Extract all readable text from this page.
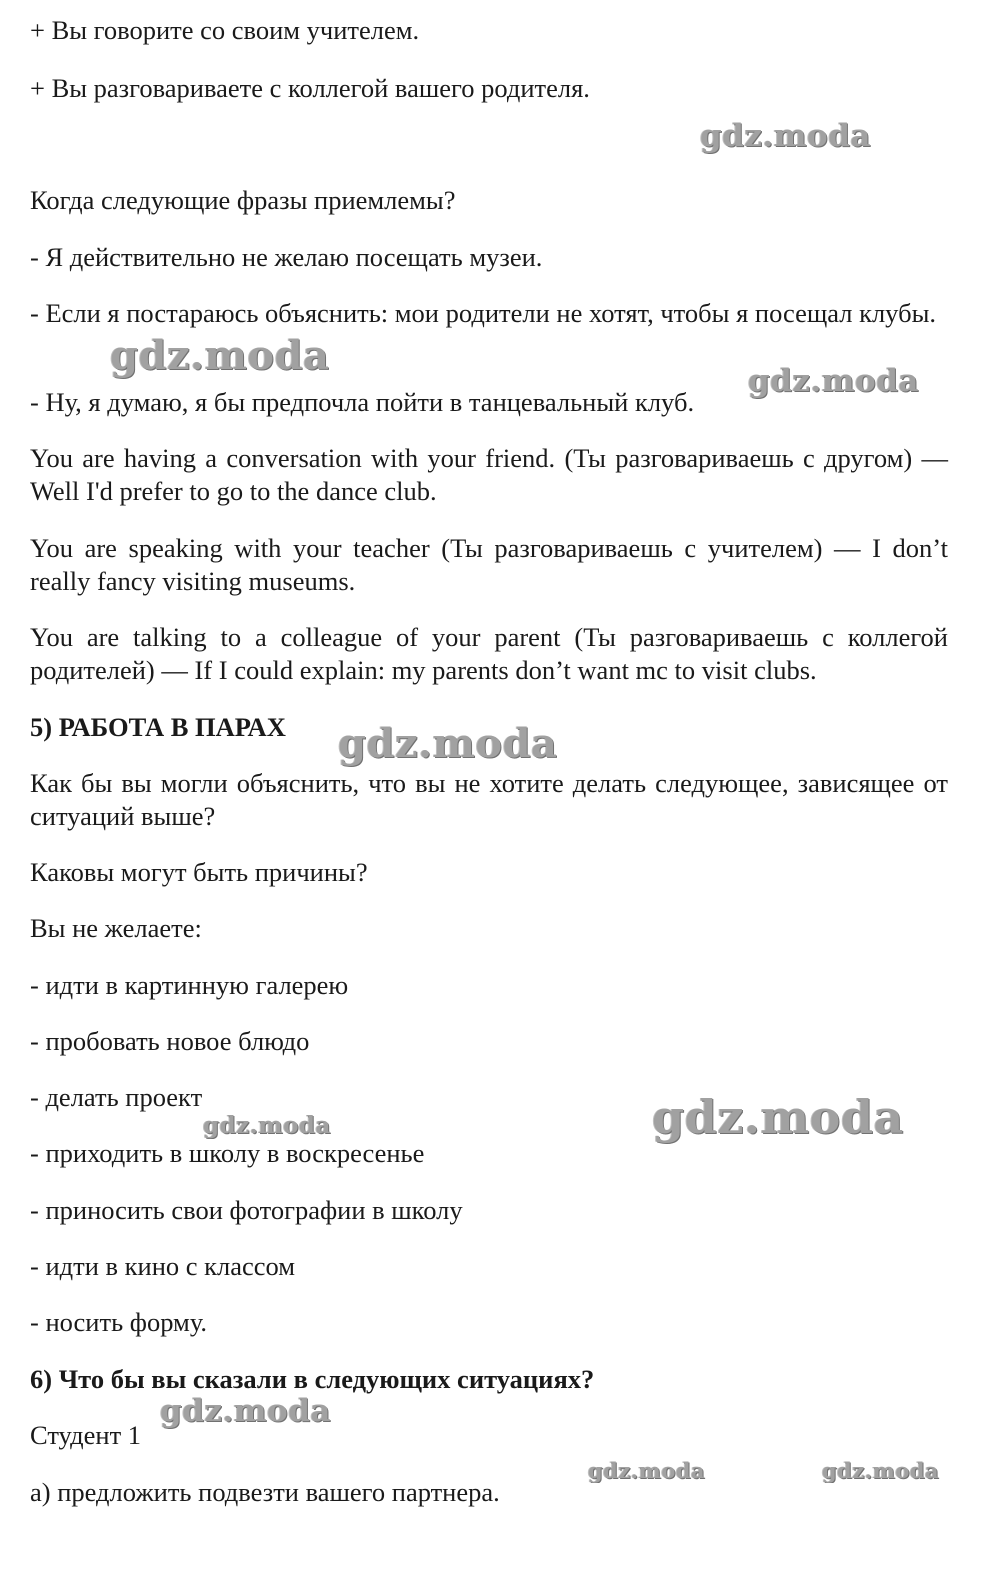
+ Вы говорите со своим учителем.

+ Вы разговариваете с коллегой вашего родителя.

Когда следующие фразы приемлемы?

- Я действительно не желаю посещать музеи.

- Если я постараюсь объяснить: мои родители не хотят, чтобы я посещал клубы.

- Ну, я думаю, я бы предпочла пойти в танцевальный клуб.

You are having a conversation with your friend. (Ты разговариваешь с другом) — Well I'd prefer to go to the dance club.

You are speaking with your teacher (Ты разговариваешь с учителем) — I don’t really fancy visiting museums.

You are talking to a colleague of your parent (Ты разговариваешь с коллегой родителей) — If I could explain: my parents don’t want mc to visit clubs.

5) РАБОТА В ПАРАХ

Как бы вы могли объяснить, что вы не хотите делать следующее, зависящее от ситуаций выше?

Каковы могут быть причины?

Вы не желаете:

- идти в картинную галерею

- пробовать новое блюдо

- делать проект

- приходить в школу в воскресенье

- приносить свои фотографии в школу

- идти в кино с классом

- носить форму.

6) Что бы вы сказали в следующих ситуациях?

Студент 1

а) предложить подвезти вашего партнера.

gdz.moda
gdz.moda
gdz.moda
gdz.moda
gdz.moda
gdz.moda
gdz.moda
gdz.moda	gdz.moda
